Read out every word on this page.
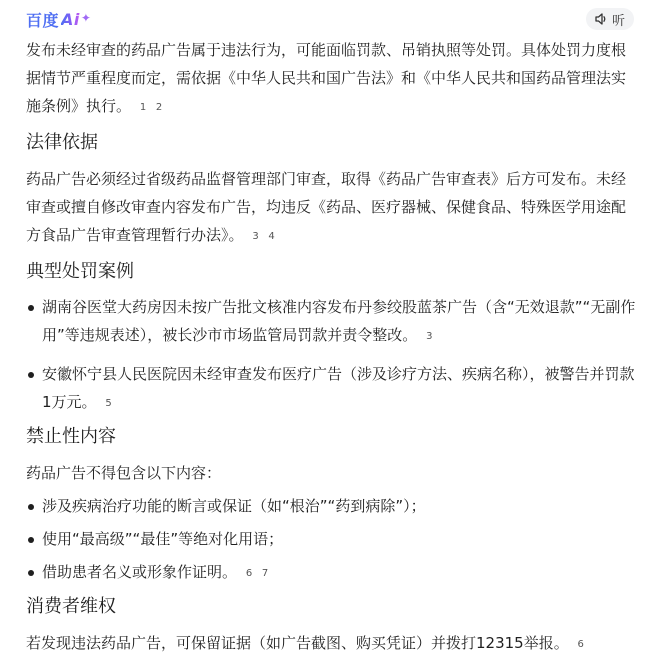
百度 Ai ✦	听

发布未经审查的药品广告属于违法行为，可能面临罚款、吊销执照等处罚。具体处罚力度根据情节严重程度而定，需依据《中华人民共和国广告法》和《中华人民共和国药品管理法实施条例》执行。 1 2

法律依据

药品广告必须经过省级药品监督管理部门审查，取得《药品广告审查表》后方可发布。未经审查或擅自修改审查内容发布广告，均违反《药品、医疗器械、保健食品、特殊医学用途配方食品广告审查管理暂行办法》。 3 4

典型处罚案例
湖南谷医堂大药房因未按广告批文核准内容发布丹参绞股蓝茶广告（含“无效退款”“无副作用”等违规表述），被长沙市市场监管局罚款并责令整改。 3
安徽怀宁县人民医院因未经审查发布医疗广告（涉及诊疗方法、疾病名称），被警告并罚款1万元。 5
禁止性内容

药品广告不得包含以下内容：

涉及疾病治疗功能的断言或保证（如“根治”“药到病除”）；
使用“最高级”“最佳”等绝对化用语；
借助患者名义或形象作证明。 6 7
消费者维权

若发现违法药品广告，可保留证据（如广告截图、购买凭证）并拨打12315举报。 6
